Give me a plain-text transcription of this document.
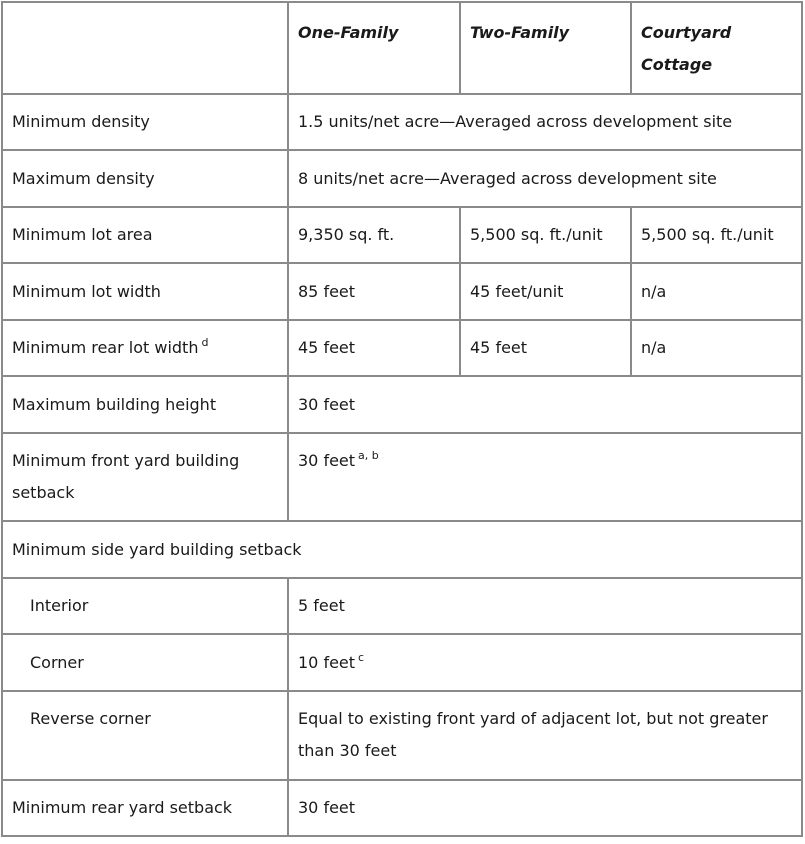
	One-Family	Two-Family	Courtyard Cottage
Minimum density	1.5 units/net acre—Averaged across development site		
Maximum density	8 units/net acre—Averaged across development site		
Minimum lot area	9,350 sq. ft.	5,500 sq. ft./unit	5,500 sq. ft./unit
Minimum lot width	85 feet	45 feet/unit	n/a
Minimum rear lot width $^d$	45 feet	45 feet	n/a
Maximum building height	30 feet		
Minimum front yard building setback	30 feet $^{a, b}$
Minimum side yard building setback			
Interior	5 feet		
Corner	10 feet $^c$
Reverse corner	Equal to existing front yard of adjacent lot, but not greater than 30 feet		
Minimum rear yard setback	30 feet		
